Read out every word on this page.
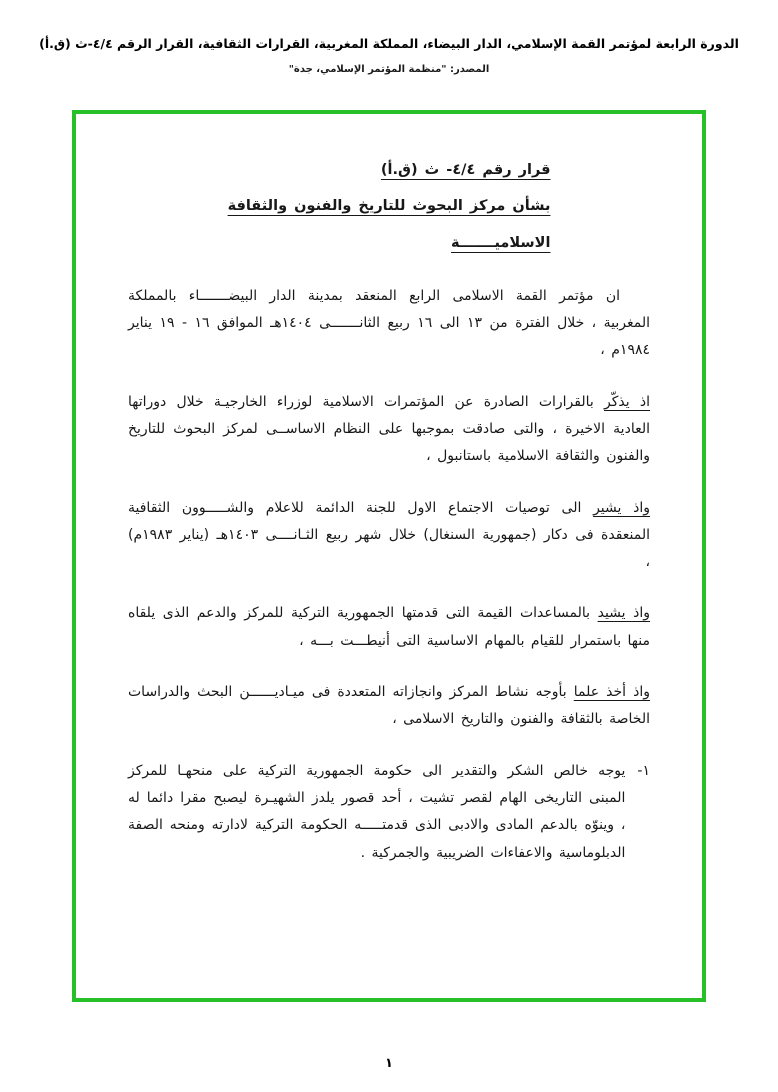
الدورة الرابعة لمؤتمر القمة الإسلامي، الدار البيضاء، المملكة المغربية، القرارات الثقافية، القرار الرقم ٤/٤-ث (ق.أ)
المصدر: "منظمة المؤتمر الإسلامي، جدة"
قرار رقم ٤/٤- ث (ق.أ)
بشأن مركز البحوث للتاريخ والفنون والثقافة
الاسلاميـــــــة

ان مؤتمر القمة الاسلامى الرابع المنعقد بمدينة الدار البيضـــــــاء بالمملكة المغربية ، خلال الفترة من ١٣ الى ١٦ ربيع الثانـــــــى ١٤٠٤هـ الموافق ١٦ - ١٩ يناير ١٩٨٤م ،

اذ يذكّر بالقرارات الصادرة عن المؤتمرات الاسلامية لوزراء الخارجيـة خلال دوراتها العادية الاخيرة ، والتى صادقت بموجبها على النظام الاساســى لمركز البحوث للتاريخ والفنون والثقافة الاسلامية باستانبول ،

واذ يشير الى توصيات الاجتماع الاول للجنة الدائمة للاعلام والشـــــوون الثقافية المنعقدة فى دكار (جمهورية السنغال) خلال شهر ربيع الثـانــــى ١٤٠٣هـ (يناير ١٩٨٣م) ،

واذ يشيد بالمساعدات القيمة التى قدمتها الجمهورية التركية للمركز والدعم الذى يلقاه منها باستمرار للقيام بالمهام الاساسية التى أنيطـــت بـــه ،

واذ أخذ علما بأوجه نشاط المركز وانجازاته المتعددة فى ميـاديــــــن البحث والدراسات الخاصة بالثقافة والفنون والتاريخ الاسلامى ،

١-
يوجه خالص الشكر والتقدير الى حكومة الجمهورية التركية على منحهـا للمركز المبنى التاريخى الهام لقصر تشيت ، أحد قصور يلدز الشهيـرة ليصبح مقرا دائما له ، وينوّه بالدعم المادى والادبى الذى قدمتـــــه الحكومة التركية لادارته ومنحه الصفة الدبلوماسية والاعفاءات الضريبية والجمركية .
١
